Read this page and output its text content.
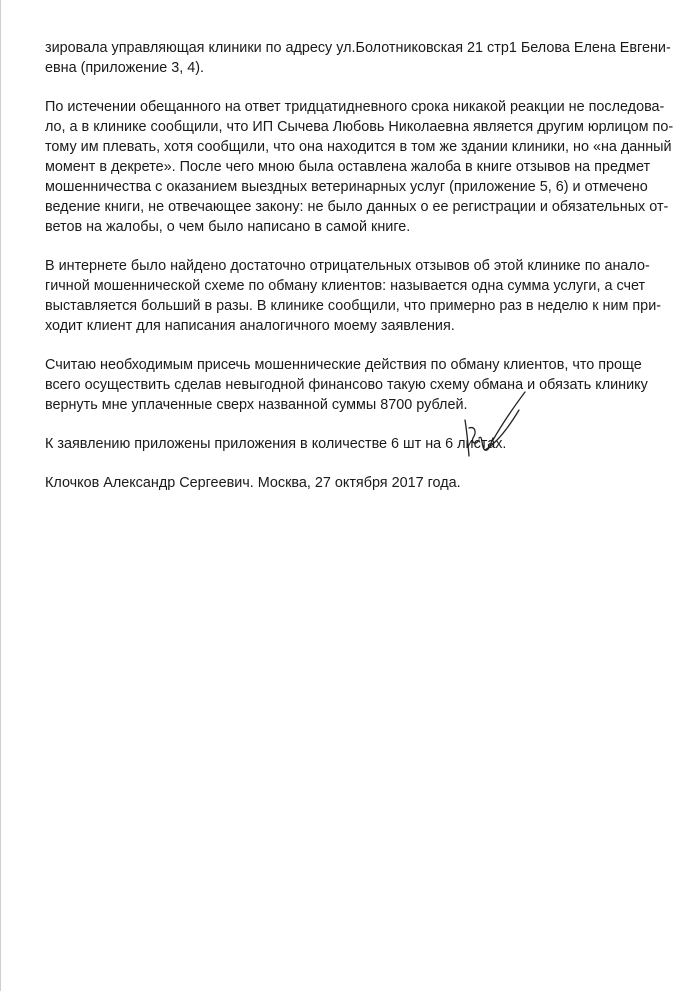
зировала управляющая клиники по адресу ул.Болотниковская 21 стр1 Белова Елена Евгени-
евна (приложение 3, 4).

По истечении обещанного на ответ тридцатидневного срока никакой реакции не последова-
ло, а в клинике сообщили, что ИП Сычева Любовь Николаевна является другим юрлицом по-
тому им плевать, хотя сообщили, что она находится в том же здании клиники, но «на данный
момент в декрете». После чего мною была оставлена жалоба в книге отзывов на предмет
мошенничества с оказанием выездных ветеринарных услуг (приложение 5, 6) и отмечено
ведение книги, не отвечающее закону: не было данных о ее регистрации и обязательных от-
ветов на жалобы, о чем было написано в самой книге.

В интернете было найдено достаточно отрицательных отзывов об этой клинике по анало-
гичной мошеннической схеме по обману клиентов: называется одна сумма услуги, а счет
выставляется больший в разы. В клинике сообщили, что примерно раз в неделю к ним при-
ходит клиент для написания аналогичного моему заявления.

Считаю необходимым присечь мошеннические действия по обману клиентов, что проще
всего осуществить сделав невыгодной финансово такую схему обмана и обязать клинику
вернуть мне уплаченные сверх названной суммы 8700 рублей.

К заявлению приложены приложения в количестве 6 шт на 6 листах.

Клочков Александр Сергеевич. Москва, 27 октября 2017 года.
